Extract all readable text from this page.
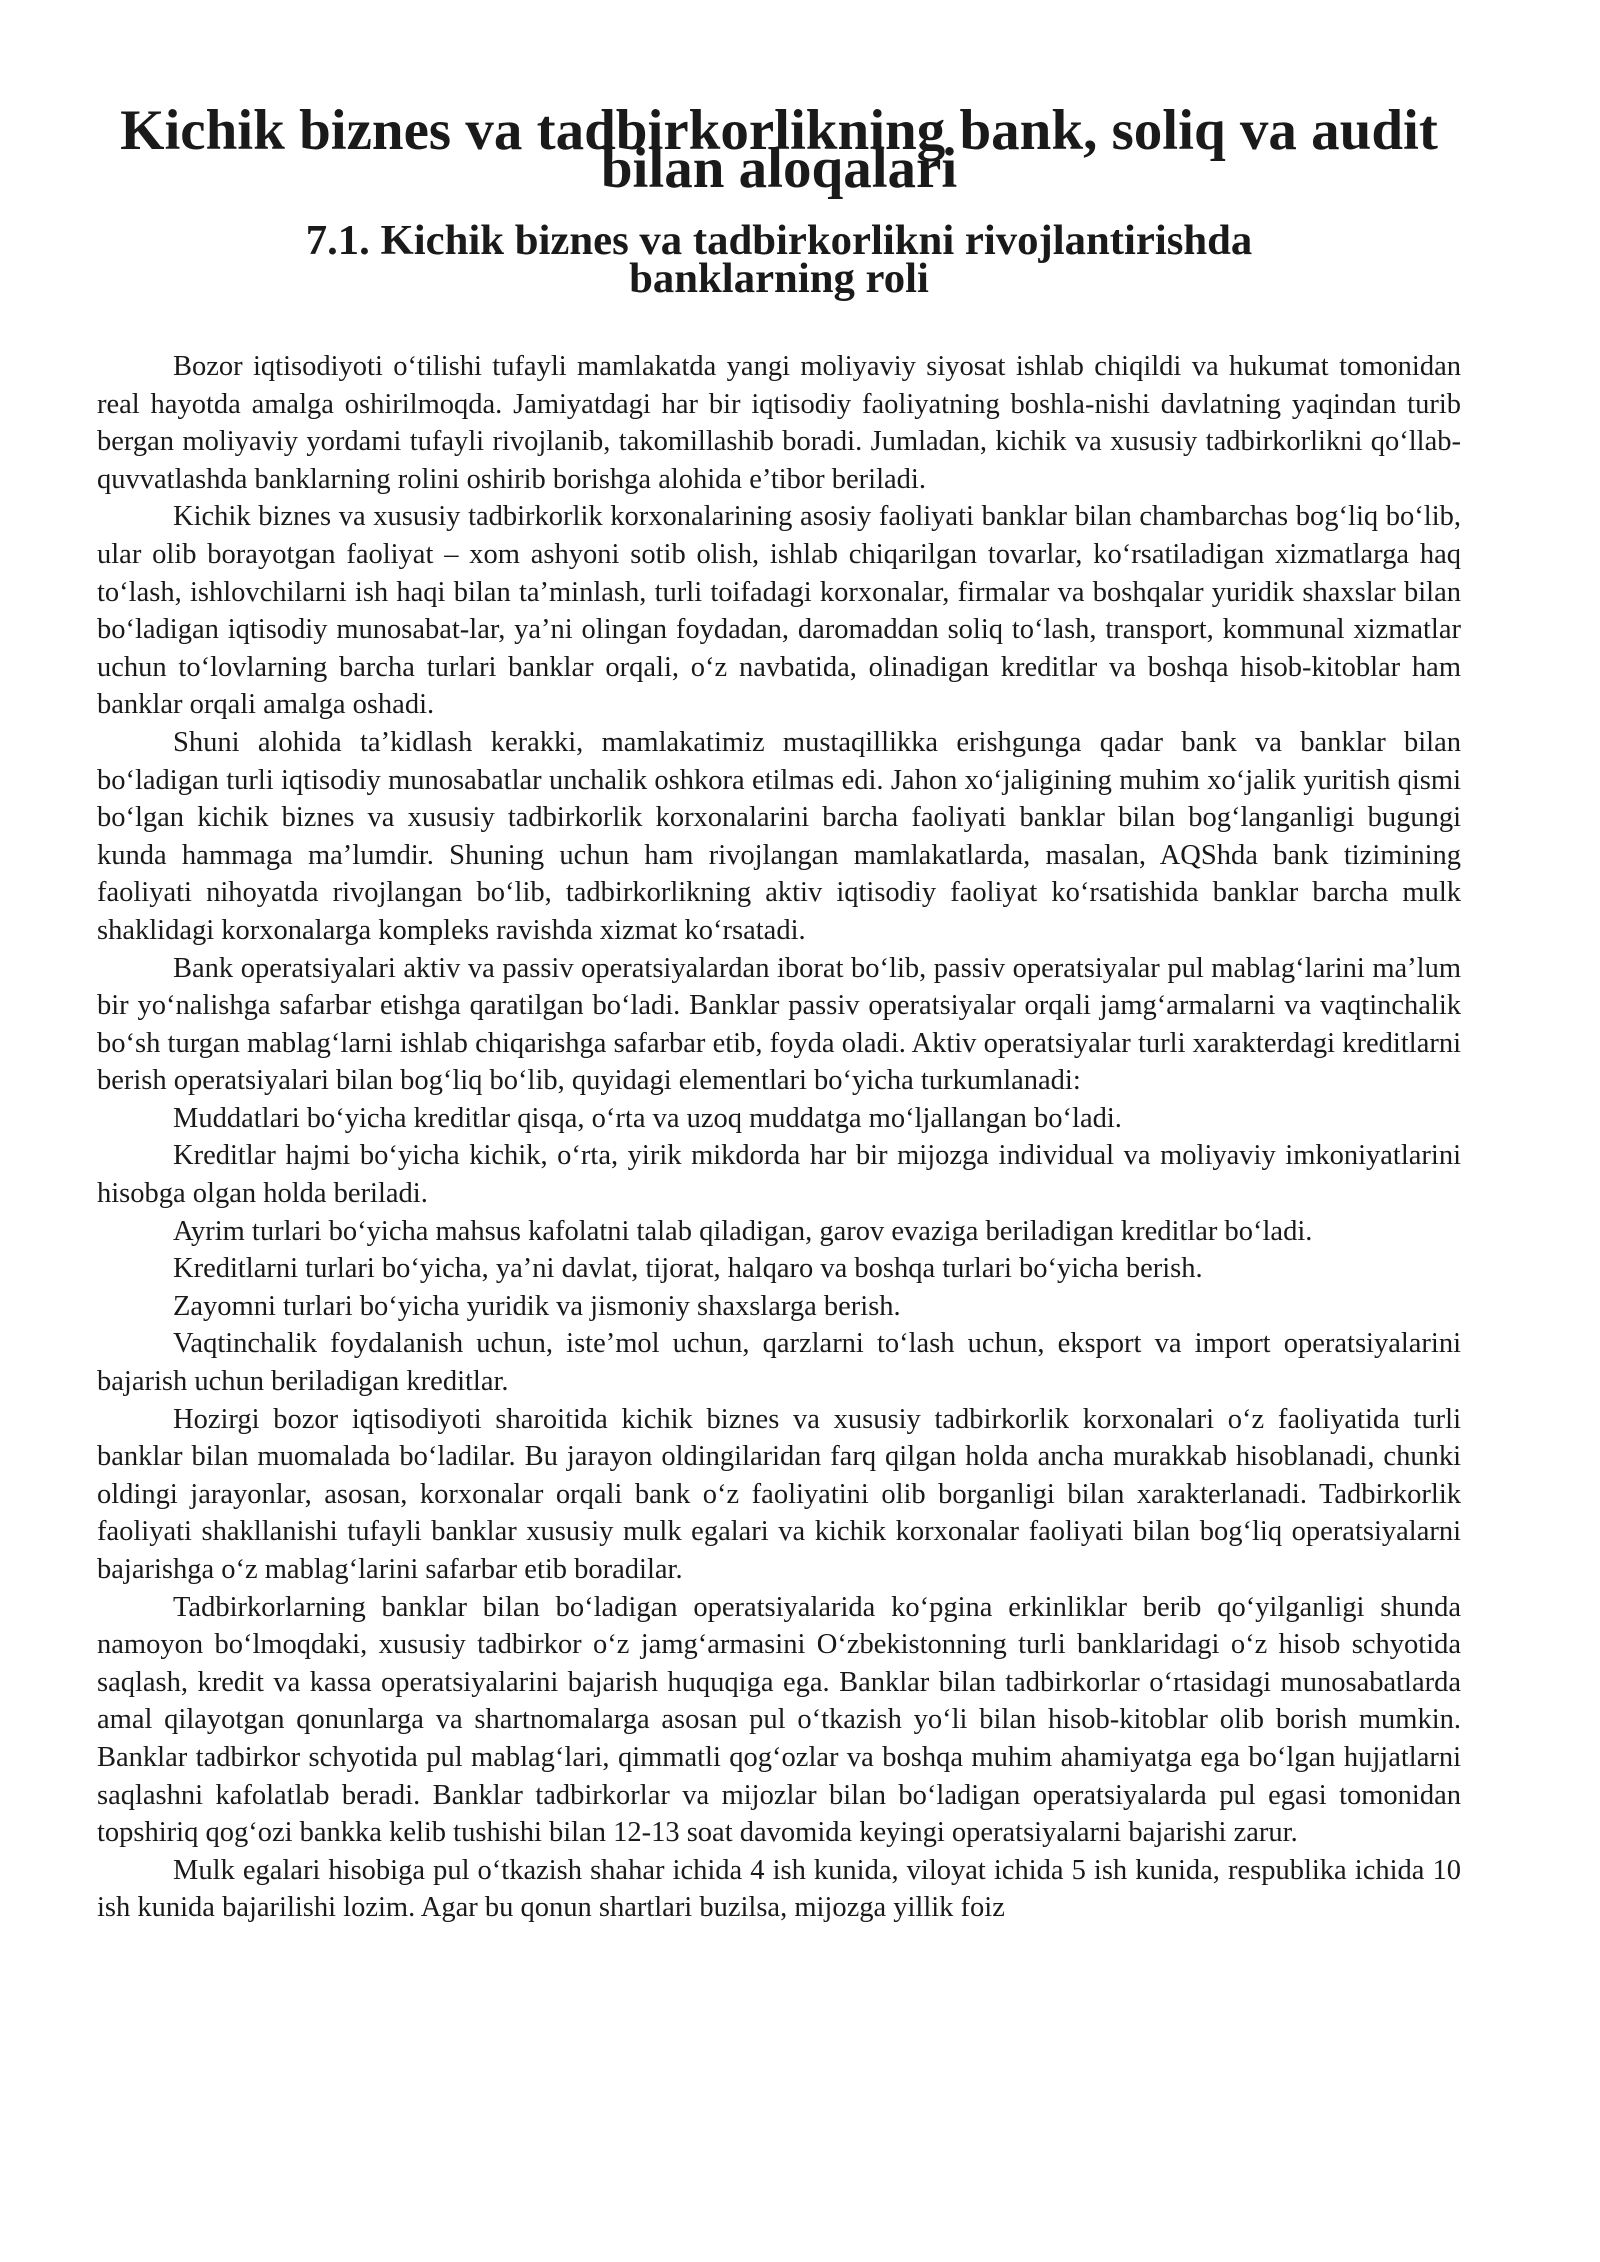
Kichik biznes va tadbirkorlikning bank, soliq va audit bilan aloqalari
7.1. Kichik biznes va tadbirkorlikni rivojlantirishda
banklarning roli

Bozor iqtisodiyoti o‘tilishi tufayli mamlakatda yangi moliyaviy siyosat ishlab chiqildi va hukumat tomonidan real hayotda amalga oshirilmoqda. Jamiyatdagi har bir iqtisodiy faoliyatning boshla-nishi davlatning yaqindan turib bergan moliyaviy yordami tufayli rivojlanib, takomillashib boradi. Jumladan, kichik va xususiy tadbirkorlikni qo‘llab-quvvatlashda banklarning rolini oshirib borishga alohida e’tibor beriladi.

Kichik biznes va xususiy tadbirkorlik korxonalarining asosiy faoliyati banklar bilan chambarchas bog‘liq bo‘lib, ular olib borayotgan faoliyat – xom ashyoni sotib olish, ishlab chiqarilgan tovarlar, ko‘rsatiladigan xizmatlarga haq to‘lash, ishlovchilarni ish haqi bilan ta’minlash, turli toifadagi korxonalar, firmalar va boshqalar yuridik shaxslar bilan bo‘ladigan iqtisodiy munosabat-lar, ya’ni olingan foydadan, daromaddan soliq to‘lash, transport, kommunal xizmatlar uchun to‘lovlarning barcha turlari banklar orqali, o‘z navbatida, olinadigan kreditlar va boshqa hisob-kitoblar ham banklar orqali amalga oshadi.

Shuni alohida ta’kidlash kerakki, mamlakatimiz mustaqillikka erishgunga qadar bank va banklar bilan bo‘ladigan turli iqtisodiy munosabatlar unchalik oshkora etilmas edi. Jahon xo‘jaligining muhim xo‘jalik yuritish qismi bo‘lgan kichik biznes va xususiy tadbirkorlik korxonalarini barcha faoliyati banklar bilan bog‘langanligi bugungi kunda hammaga ma’lumdir. Shuning uchun ham rivojlangan mamlakatlarda, masalan, AQShda bank tizimining faoliyati nihoyatda rivojlangan bo‘lib, tadbirkorlikning aktiv iqtisodiy faoliyat ko‘rsatishida banklar barcha mulk shaklidagi korxonalarga kompleks ravishda xizmat ko‘rsatadi.

Bank operatsiyalari aktiv va passiv operatsiyalardan iborat bo‘lib, passiv operatsiyalar pul mablag‘larini ma’lum bir yo‘nalishga safarbar etishga qaratilgan bo‘ladi. Banklar passiv operatsiyalar orqali jamg‘armalarni va vaqtinchalik bo‘sh turgan mablag‘larni ishlab chiqarishga safarbar etib, foyda oladi. Aktiv operatsiyalar turli xarakterdagi kreditlarni berish operatsiyalari bilan bog‘liq bo‘lib, quyidagi elementlari bo‘yicha turkumlanadi:

Muddatlari bo‘yicha kreditlar qisqa, o‘rta va uzoq muddatga mo‘ljallangan bo‘ladi.

Kreditlar hajmi bo‘yicha kichik, o‘rta, yirik mikdorda har bir mijozga individual va moliyaviy imkoniyatlarini hisobga olgan holda beriladi.

Ayrim turlari bo‘yicha mahsus kafolatni talab qiladigan, garov evaziga beriladigan kreditlar bo‘ladi.

Kreditlarni turlari bo‘yicha, ya’ni davlat, tijorat, halqaro va boshqa turlari bo‘yicha berish.

Zayomni turlari bo‘yicha yuridik va jismoniy shaxslarga berish.

Vaqtinchalik foydalanish uchun, iste’mol uchun, qarzlarni to‘lash uchun, eksport va import operatsiyalarini bajarish uchun beriladigan kreditlar.

Hozirgi bozor iqtisodiyoti sharoitida kichik biznes va xususiy tadbirkorlik korxonalari o‘z faoliyatida turli banklar bilan muomalada bo‘ladilar. Bu jarayon oldingilaridan farq qilgan holda ancha murakkab hisoblanadi, chunki oldingi jarayonlar, asosan, korxonalar orqali bank o‘z faoliyatini olib borganligi bilan xarakterlanadi. Tadbirkorlik faoliyati shakllanishi tufayli banklar xususiy mulk egalari va kichik korxonalar faoliyati bilan bog‘liq operatsiyalarni bajarishga o‘z mablag‘larini safarbar etib boradilar.

Tadbirkorlarning banklar bilan bo‘ladigan operatsiyalarida ko‘pgina erkinliklar berib qo‘yilganligi shunda namoyon bo‘lmoqdaki, xususiy tadbirkor o‘z jamg‘armasini O‘zbekistonning turli banklaridagi o‘z hisob schyotida saqlash, kredit va kassa operatsiyalarini bajarish huquqiga ega. Banklar bilan tadbirkorlar o‘rtasidagi munosabatlarda amal qilayotgan qonunlarga va shartnomalarga asosan pul o‘tkazish yo‘li bilan hisob-kitoblar olib borish mumkin. Banklar tadbirkor schyotida pul mablag‘lari, qimmatli qog‘ozlar va boshqa muhim ahamiyatga ega bo‘lgan hujjatlarni saqlashni kafolatlab beradi. Banklar tadbirkorlar va mijozlar bilan bo‘ladigan operatsiyalarda pul egasi tomonidan topshiriq qog‘ozi bankka kelib tushishi bilan 12-13 soat davomida keyingi operatsiyalarni bajarishi zarur.

Mulk egalari hisobiga pul o‘tkazish shahar ichida 4 ish kunida, viloyat ichida 5 ish kunida, respublika ichida 10 ish kunida bajarilishi lozim. Agar bu qonun shartlari buzilsa, mijozga yillik foiz
